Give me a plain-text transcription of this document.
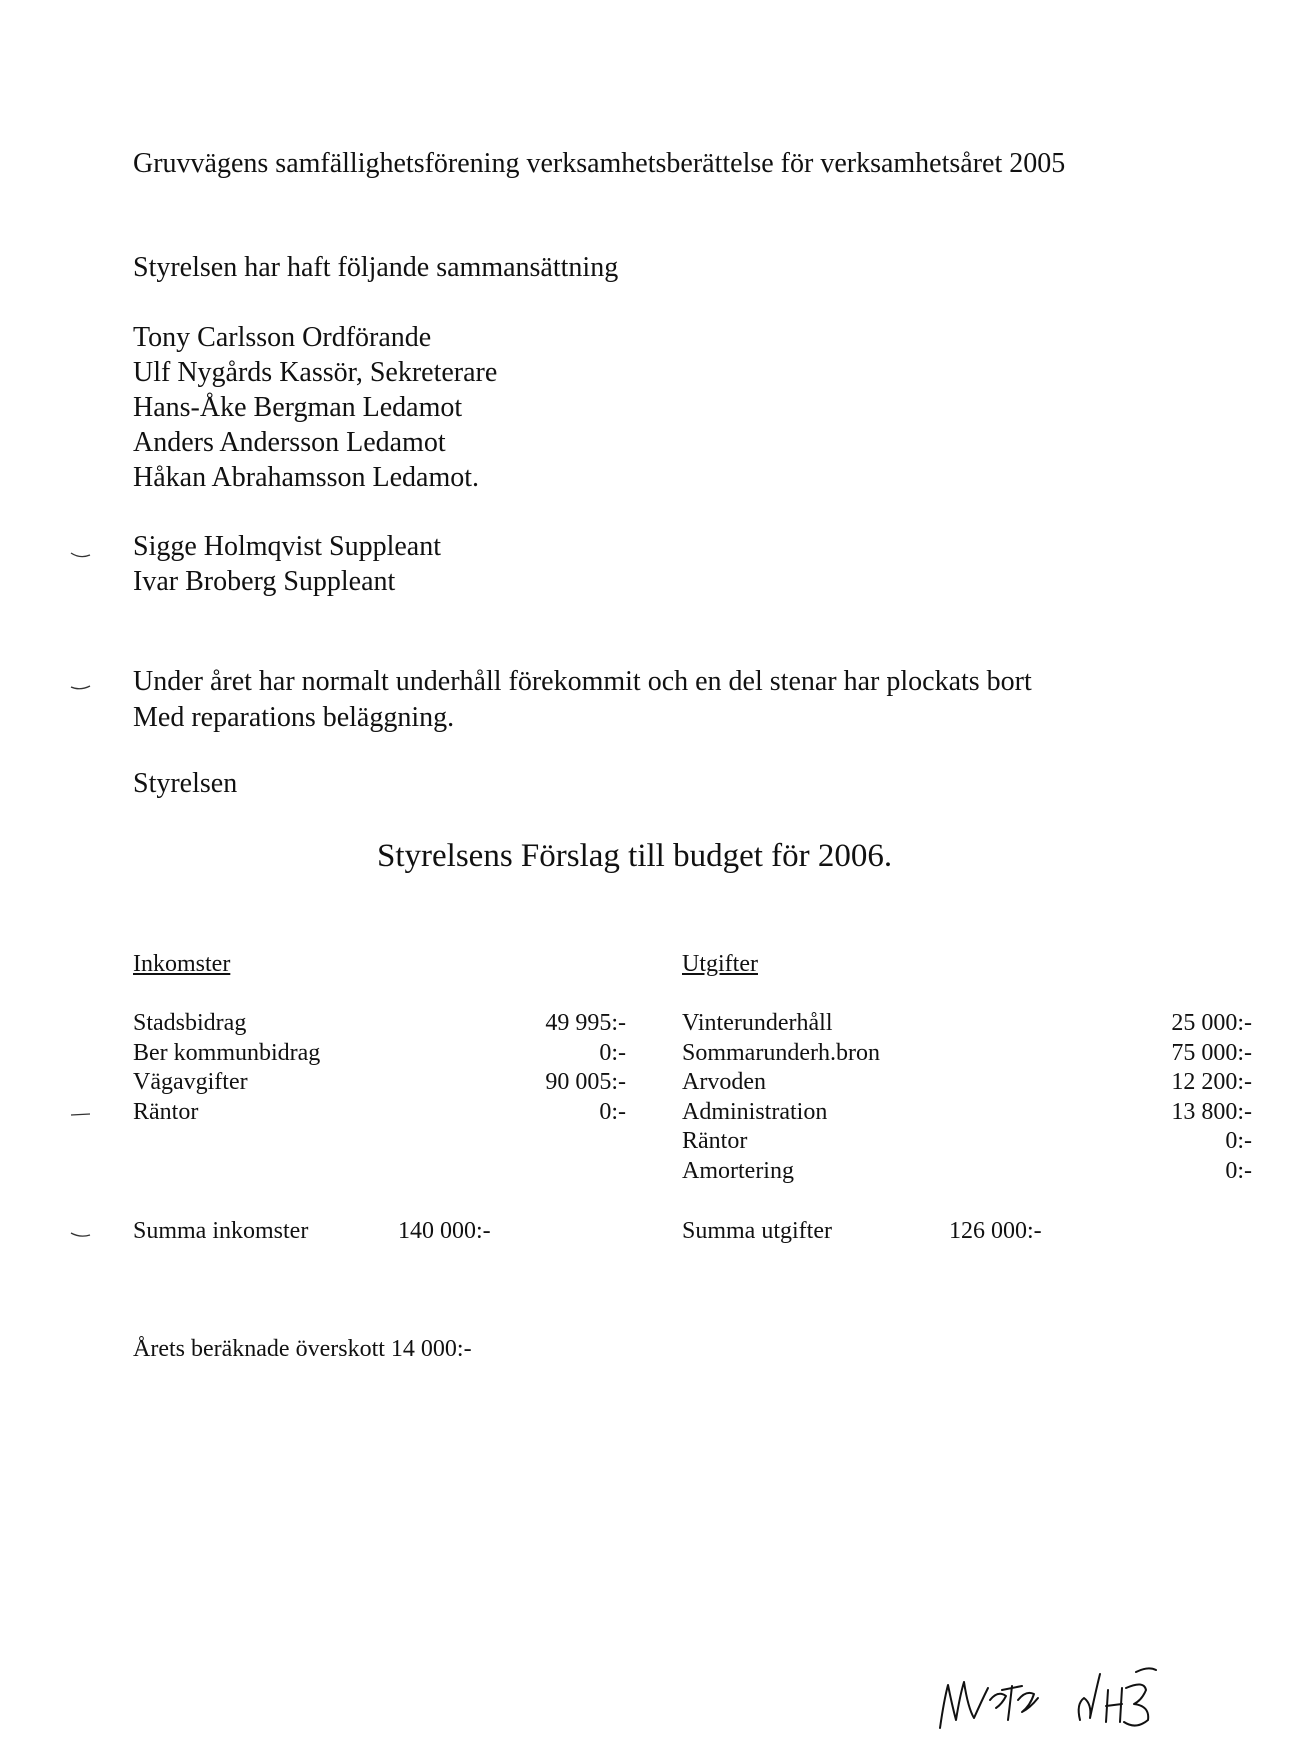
Gruvvägens samfällighetsförening verksamhetsberättelse för verksamhetsåret 2005
Styrelsen har haft följande sammansättning
Tony Carlsson Ordförande
Ulf Nygårds Kassör, Sekreterare
Hans-Åke Bergman Ledamot
Anders Andersson Ledamot
Håkan Abrahamsson Ledamot.
Sigge Holmqvist Suppleant
Ivar Broberg Suppleant
Under året har normalt underhåll förekommit och en del stenar har plockats bort
Med reparations beläggning.
Styrelsen
Styrelsens Förslag till budget för 2006.
Inkomster	Utgifter
Stadsbidrag	49 995:-
Ber kommunbidrag	0:-
Vägavgifter	90 005:-
Räntor	0:-
Vinterunderhåll	25 000:-
Sommarunderh.bron	75 000:-
Arvoden	12 200:-
Administration	13 800:-
Räntor	0:-
Amortering	0:-
Summa inkomster	140 000:-	Summa utgifter	126 000:-
Årets beräknade överskott 14 000:-
